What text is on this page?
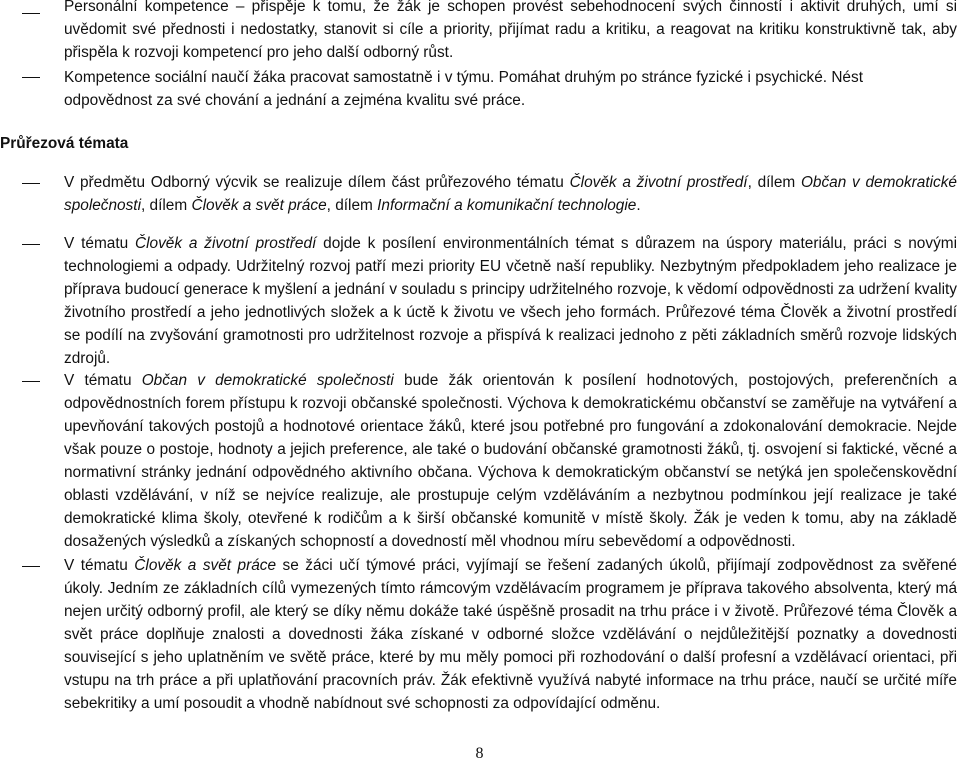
Personální kompetence – přispěje k tomu, že žák je schopen provést sebehodnocení svých činností i aktivit druhých, umí si uvědomit své přednosti i nedostatky, stanovit si cíle a priority, přijímat radu a kritiku, a reagovat na kritiku konstruktivně tak, aby přispěla k rozvoji kompetencí pro jeho další odborný růst.
Kompetence sociální naučí žáka pracovat samostatně i v týmu. Pomáhat druhým po stránce fyzické i psychické. Nést odpovědnost za své chování a jednání a zejména kvalitu své práce.
Průřezová témata
V předmětu Odborný výcvik se realizuje dílem část průřezového tématu Člověk a životní prostředí, dílem Občan v demokratické společnosti, dílem Člověk a svět práce, dílem Informační a komunikační technologie.
V tématu Člověk a životní prostředí dojde k posílení environmentálních témat s důrazem na úspory materiálu, práci s novými technologiemi a odpady. Udržitelný rozvoj patří mezi priority EU včetně naší republiky. Nezbytným předpokladem jeho realizace je příprava budoucí generace k myšlení a jednání v souladu s principy udržitelného rozvoje, k vědomí odpovědnosti za udržení kvality životního prostředí a jeho jednotlivých složek a k úctě k životu ve všech jeho formách. Průřezové téma Člověk a životní prostředí se podílí na zvyšování gramotnosti pro udržitelnost rozvoje a přispívá k realizaci jednoho z pěti základních směrů rozvoje lidských zdrojů.
V tématu Občan v demokratické společnosti bude žák orientován k posílení hodnotových, postojových, preferenčních a odpovědnostních forem přístupu k rozvoji občanské společnosti. Výchova k demokratickému občanství se zaměřuje na vytváření a upevňování takových postojů a hodnotové orientace žáků, které jsou potřebné pro fungování a zdokonalování demokracie. Nejde však pouze o postoje, hodnoty a jejich preference, ale také o budování občanské gramotnosti žáků, tj. osvojení si faktické, věcné a normativní stránky jednání odpovědného aktivního občana. Výchova k demokratickým občanství se netýká jen společenskovědní oblasti vzdělávání, v níž se nejvíce realizuje, ale prostupuje celým vzděláváním a nezbytnou podmínkou její realizace je také demokratické klima školy, otevřené k rodičům a k širší občanské komunitě v místě školy. Žák je veden k tomu, aby na základě dosažených výsledků a získaných schopností a dovedností měl vhodnou míru sebevědomí a odpovědnosti.
V tématu Člověk a svět práce se žáci učí týmové práci, vyjímají se řešení zadaných úkolů, přijímají zodpovědnost za svěřené úkoly. Jedním ze základních cílů vymezených tímto rámcovým vzdělávacím programem je příprava takového absolventa, který má nejen určitý odborný profil, ale který se díky němu dokáže také úspěšně prosadit na trhu práce i v životě. Průřezové téma Člověk a svět práce doplňuje znalosti a dovednosti žáka získané v odborné složce vzdělávání o nejdůležitější poznatky a dovednosti související s jeho uplatněním ve světě práce, které by mu měly pomoci při rozhodování o další profesní a vzdělávací orientaci, při vstupu na trh práce a při uplatňování pracovních práv. Žák efektivně využívá nabyté informace na trhu práce, naučí se určité míře sebekritiky a umí posoudit a vhodně nabídnout své schopnosti za odpovídající odměnu.
8
